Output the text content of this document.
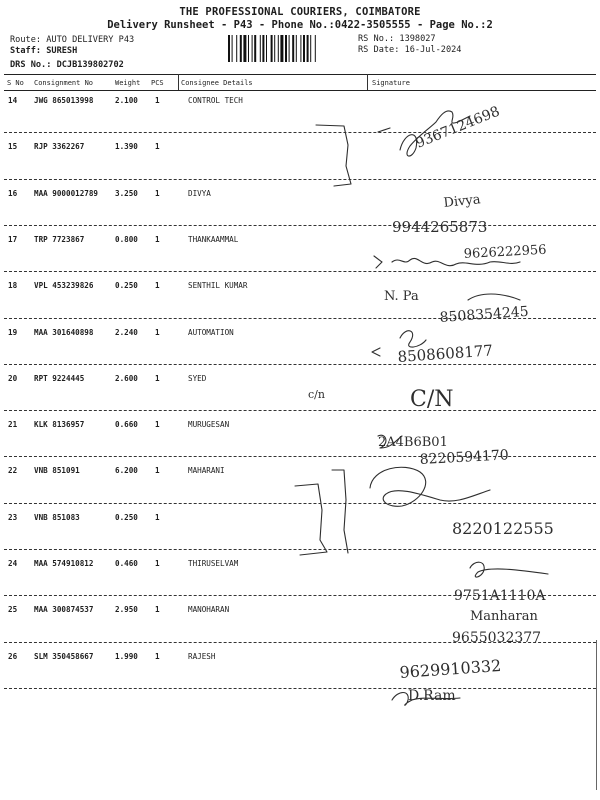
THE PROFESSIONAL COURIERS, COIMBATORE
Delivery Runsheet - P43 - Phone No.:0422-3505555 - Page No.:2
Route: AUTO DELIVERY P43
Staff: SURESH
DRS No.: DCJB139802702
RS No.: 1398027
RS Date: 16-Jul-2024
S No Consignment No	Weight PCS Consignee Details	Signature
14 JWG 865013998	2.100 1	CONTROL TECH
15 RJP 3362267	1.390 1
16 MAA 9000012789 3.250 1	DIVYA
17 TRP 7723867	0.800 1	THANKAAMMAL
18 VPL 453239826	0.250 1	SENTHIL KUMAR
19 MAA 301640898	2.240 1	AUTOMATION
20 RPT 9224445	2.600 1	SYED
21 KLK 8136957	0.660 1	MURUGESAN
22 VNB 851091	6.200 1	MAHARANI
23 VNB 851083	0.250 1
24 MAA 574910812	0.460 1	THIRUSELVAM
25 MAA 300874537	2.950 1	MANOHARAN
26 SLM 350458667	1.990 1	RAJESH
9367124698
Divya
9944265873
9626222956
N. Pa
8508354245
8508608177
c/n	C/N
2A4B6B01
8220594170
8220122555
9751A1110A
Manharan
9655032377
9629910332
D.Ram
